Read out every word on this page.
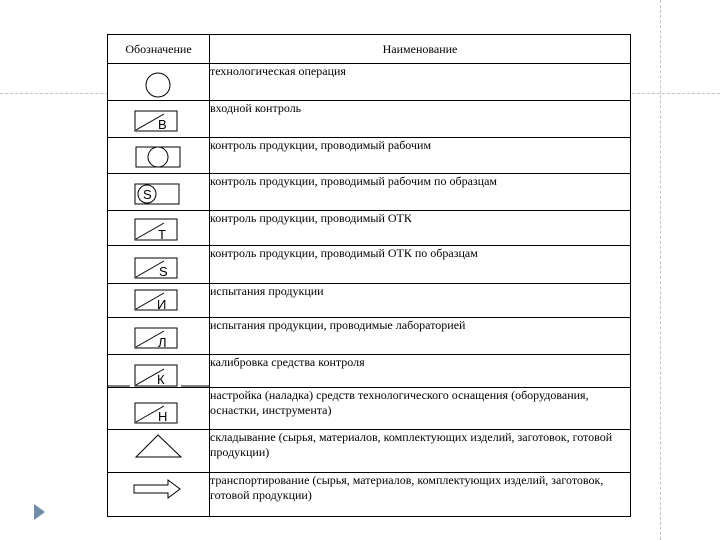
Обозначение	Наименование

	технологическая операция

В	входной контроль

	контроль продукции, проводимый рабочим

S	контроль продукции, проводимый рабочим по образцам

Т	контроль продукции, проводимый ОТК

S	контроль продукции, проводимый ОТК по образцам

И	испытания продукции

Л	испытания продукции, проводимые лабораторией

К	калибровка средства контроля

Н	настройка (наладка) средств технологического оснащения (оборудования, оснастки, инструмента)

	складывание (сырья, материалов, комплектующих изделий, заготовок, готовой продукции)

	транспортирование (сырья, материалов, комплектующих изделий, заготовок, готовой продукции)
